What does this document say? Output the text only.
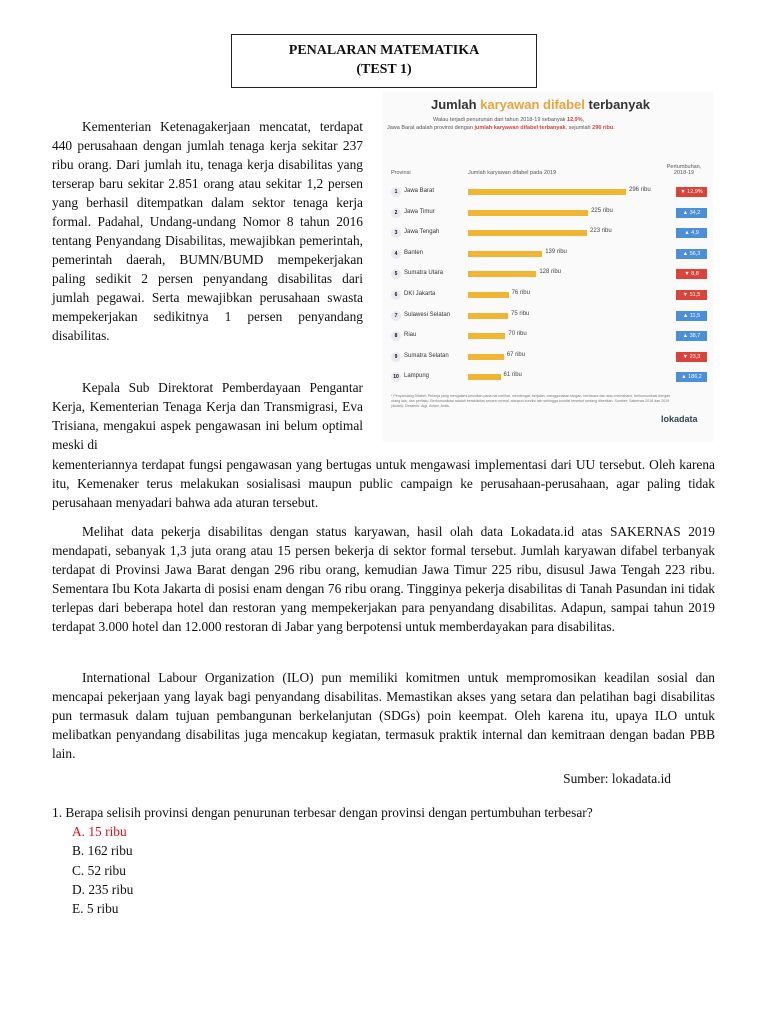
PENALARAN MATEMATIKA
(TEST 1)

Kementerian Ketenagakerjaan mencatat, terdapat 440 perusahaan dengan jumlah tenaga kerja sekitar 237 ribu orang. Dari jumlah itu, tenaga kerja disabilitas yang terserap baru sekitar 2.851 orang atau sekitar 1,2 persen yang berhasil ditempatkan dalam sektor tenaga kerja formal. Padahal, Undang-undang Nomor 8 tahun 2016 tentang Penyandang Disabilitas, mewajibkan pemerintah, pemerintah daerah, BUMN/BUMD mempekerjakan paling sedikit 2 persen penyandang disabilitas dari jumlah pegawai. Serta mewajibkan perusahaan swasta mempekerjakan sedikitnya 1 persen penyandang disabilitas.

Kepala Sub Direktorat Pemberdayaan Pengantar Kerja, Kementerian Tenaga Kerja dan Transmigrasi, Eva Trisiana, mengakui aspek pengawasan ini belum optimal meski di

kementeriannya terdapat fungsi pengawasan yang bertugas untuk mengawasi implementasi dari UU tersebut. Oleh karena itu, Kemenaker terus melakukan sosialisasi maupun public campaign ke perusahaan-perusahaan, agar paling tidak perusahaan menyadari bahwa ada aturan tersebut.

Melihat data pekerja disabilitas dengan status karyawan, hasil olah data Lokadata.id atas SAKERNAS 2019 mendapati, sebanyak 1,3 juta orang atau 15 persen bekerja di sektor formal tersebut. Jumlah karyawan difabel terbanyak terdapat di Provinsi Jawa Barat dengan 296 ribu orang, kemudian Jawa Timur 225 ribu, disusul Jawa Tengah 223 ribu. Sementara Ibu Kota Jakarta di posisi enam dengan 76 ribu orang. Tingginya pekerja disabilitas di Tanah Pasundan ini tidak terlepas dari beberapa hotel dan restoran yang mempekerjakan para penyandang disabilitas. Adapun, sampai tahun 2019 terdapat 3.000 hotel dan 12.000 restoran di Jabar yang berpotensi untuk memberdayakan para disabilitas.

International Labour Organization (ILO) pun memiliki komitmen untuk mempromosikan keadilan sosial dan mencapai pekerjaan yang layak bagi penyandang disabilitas. Memastikan akses yang setara dan pelatihan bagi disabilitas pun termasuk dalam tujuan pembangunan berkelanjutan (SDGs) poin keempat. Oleh karena itu, upaya ILO untuk melibatkan penyandang disabilitas juga mencakup kegiatan, termasuk praktik internal dan kemitraan dengan badan PBB lain.

Sumber: lokadata.id
1. Berapa selisih provinsi dengan penurunan terbesar dengan provinsi dengan pertumbuhan terbesar?
A. 15 ribu
B. 162 ribu
C. 52 ribu
D. 235 ribu
E. 5 ribu
Jumlah karyawan difabel terbanyak
Walau terjadi penurunan dari tahun 2018-19 sebanyak 12,9%,
Jawa Barat adalah provinsi dengan jumlah karyawan difabel terbanyak, sejumlah 296 ribu.
Provinsi	Jumlah karyawan difabel pada 2019
Pertumbuhan, 2018-19
1	Jawa Barat	296 ribu	▼ 12,9%
2	Jawa Timur	225 ribu	▲ 34,2
3	Jawa Tengah	223 ribu	▲ 4,9
4	Banten	139 ribu	▲ 56,3
5	Sumatra Utara	128 ribu	▼ 8,8
6	DKI Jakarta	76 ribu	▼ 51,5
7	Sulawesi Selatan	75 ribu	▲ 11,5
8	Riau	70 ribu	▲ 38,7
9	Sumatra Selatan	67 ribu	▼ 23,3
10 Lampung	61 ribu	▲ 186,2
* Penyandang Difabel: Pekerja yang mengalami kesulitan pada hal melihat, mendengar, berjalan, menggunakan tangan, berbicara dan atau memahami, berkomunikasi dengan orang lain, dan perilaku. Berkomunikasi adalah beraktivitas secara normal, ataupun kondisi lain sehingga kondisi tersebut sedang diberikan. Sumber: Sakernas 2018 dan 2019 (diolah). Desainer: Algi, Aviani, Anita.
lokadata
